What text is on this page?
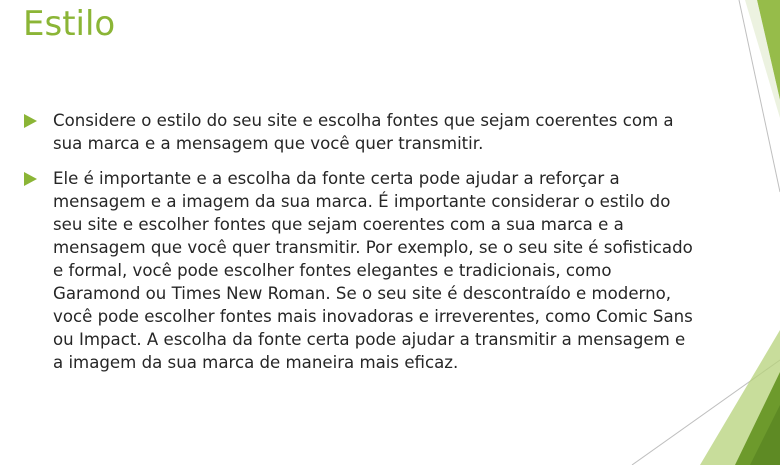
Estilo
Considere o estilo do seu site e escolha fontes que sejam coerentes com a sua marca e a mensagem que você quer transmitir.
Ele é importante e a escolha da fonte certa pode ajudar a reforçar a mensagem e a imagem da sua marca. É importante considerar o estilo do seu site e escolher fontes que sejam coerentes com a sua marca e a mensagem que você quer transmitir. Por exemplo, se o seu site é sofisticado e formal, você pode escolher fontes elegantes e tradicionais, como Garamond ou Times New Roman. Se o seu site é descontraído e moderno, você pode escolher fontes mais inovadoras e irreverentes, como Comic Sans ou Impact. A escolha da fonte certa pode ajudar a transmitir a mensagem e a imagem da sua marca de maneira mais eficaz.
